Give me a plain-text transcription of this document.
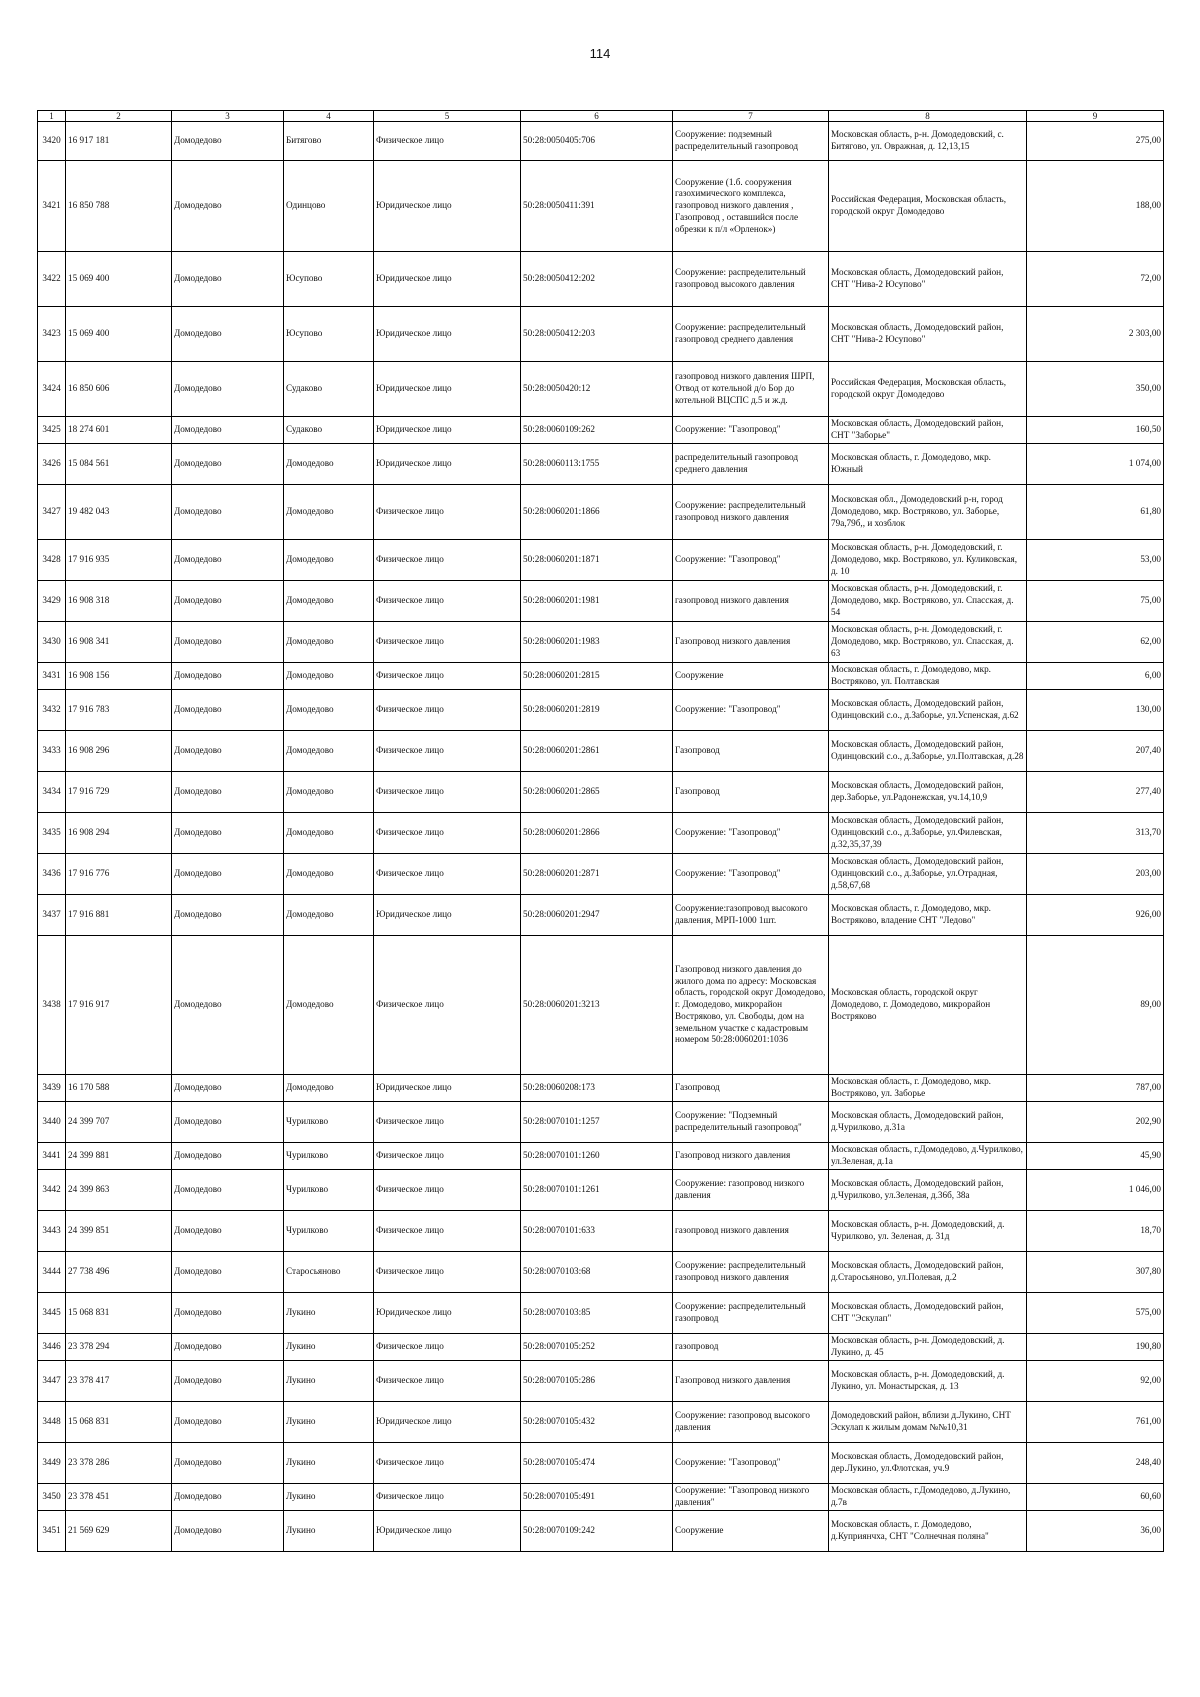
114
1	2	3	4	5	6	7	8	9
3420	16 917 181	Домодедово	Битягово	Физическое лицо	50:28:0050405:706	Сооружение: подземный распределительный газопровод	Московская область, р-н. Домодедовский, с. Битягово, ул. Овражная, д. 12,13,15	275,00
3421	16 850 788	Домодедово	Одинцово	Юридическое лицо	50:28:0050411:391	Сооружение (1.б. сооружения газохимического комплекса, газопровод низкого давления , Газопровод , оставшийся после обрезки к п/л «Орленок»)	Российская Федерация, Московская область, городской округ Домодедово	188,00
3422	15 069 400	Домодедово	Юсупово	Юридическое лицо	50:28:0050412:202	Сооружение: распределительный газопровод высокого давления	Московская область, Домодедовский район, СНТ "Нива-2 Юсупово"	72,00
3423	15 069 400	Домодедово	Юсупово	Юридическое лицо	50:28:0050412:203	Сооружение: распределительный газопровод среднего давления	Московская область, Домодедовский район, СНТ "Нива-2 Юсупово"	2 303,00
3424	16 850 606	Домодедово	Судаково	Юридическое лицо	50:28:0050420:12	газопровод низкого давления ШРП, Отвод от котельной д/о Бор до котельной ВЦСПС д.5 и ж.д.	Российская Федерация, Московская область, городской округ Домодедово	350,00
3425	18 274 601	Домодедово	Судаково	Юридическое лицо	50:28:0060109:262	Сооружение: "Газопровод"	Московская область, Домодедовский район, СНТ "Заборье"	160,50
3426	15 084 561	Домодедово	Домодедово	Юридическое лицо	50:28:0060113:1755	распределительный газопровод среднего давления	Московская область, г. Домодедово, мкр. Южный	1 074,00
3427	19 482 043	Домодедово	Домодедово	Физическое лицо	50:28:0060201:1866	Сооружение: распределительный газопровод низкого давления	Московская обл., Домодедовский р-н, город Домодедово, мкр. Востряково, ул. Заборье, 79а,79б,, и хозблок	61,80
3428	17 916 935	Домодедово	Домодедово	Физическое лицо	50:28:0060201:1871	Сооружение: "Газопровод"	Московская область, р-н. Домодедовский, г. Домодедово, мкр. Востряково, ул. Куликовская, д. 10	53,00
3429	16 908 318	Домодедово	Домодедово	Физическое лицо	50:28:0060201:1981	газопровод низкого давления	Московская область, р-н. Домодедовский, г. Домодедово, мкр. Востряково, ул. Спасская, д. 54	75,00
3430	16 908 341	Домодедово	Домодедово	Физическое лицо	50:28:0060201:1983	Газопровод низкого давления	Московская область, р-н. Домодедовский, г. Домодедово, мкр. Востряково, ул. Спасская, д. 63	62,00
3431	16 908 156	Домодедово	Домодедово	Физическое лицо	50:28:0060201:2815	Сооружение	Московская область, г. Домодедово, мкр. Востряково, ул. Полтавская	6,00
3432	17 916 783	Домодедово	Домодедово	Физическое лицо	50:28:0060201:2819	Сооружение: "Газопровод"	Московская область, Домодедовский район, Одинцовский с.о., д.Заборье, ул.Успенская, д.62	130,00
3433	16 908 296	Домодедово	Домодедово	Физическое лицо	50:28:0060201:2861	Газопровод	Московская область, Домодедовский район, Одинцовский с.о., д.Заборье, ул.Полтавская, д.28	207,40
3434	17 916 729	Домодедово	Домодедово	Физическое лицо	50:28:0060201:2865	Газопровод	Московская область, Домодедовский район, дер.Заборье, ул.Радонежская, уч.14,10,9	277,40
3435	16 908 294	Домодедово	Домодедово	Физическое лицо	50:28:0060201:2866	Сооружение: "Газопровод"	Московская область, Домодедовский район, Одинцовский с.о., д.Заборье, ул.Филевская, д.32,35,37,39	313,70
3436	17 916 776	Домодедово	Домодедово	Физическое лицо	50:28:0060201:2871	Сооружение: "Газопровод"	Московская область, Домодедовский район, Одинцовский с.о., д.Заборье, ул.Отрадная, д.58,67,68	203,00
3437	17 916 881	Домодедово	Домодедово	Юридическое лицо	50:28:0060201:2947	Сооружение:газопровод высокого давления, МРП-1000 1шт.	Московская область, г. Домодедово, мкр. Востряково, владение СНТ "Ледово"	926,00
3438	17 916 917	Домодедово	Домодедово	Физическое лицо	50:28:0060201:3213	Газопровод низкого давления до жилого дома по адресу: Московская область, городской округ Домодедово, г. Домодедово, микрорайон Востряково, ул. Свободы, дом на земельном участке с кадастровым номером 50:28:0060201:1036	Московская область, городской округ Домодедово, г. Домодедово, микрорайон Востряково	89,00
3439	16 170 588	Домодедово	Домодедово	Юридическое лицо	50:28:0060208:173	Газопровод	Московская область, г. Домодедово, мкр. Востряково, ул. Заборье	787,00
3440	24 399 707	Домодедово	Чурилково	Физическое лицо	50:28:0070101:1257	Сооружение: "Подземный распределительный газопровод"	Московская область, Домодедовский район, д.Чурилково, д.31а	202,90
3441	24 399 881	Домодедово	Чурилково	Физическое лицо	50:28:0070101:1260	Газопровод низкого давления	Московская область, г.Домодедово, д.Чурилково, ул.Зеленая, д.1а	45,90
3442	24 399 863	Домодедово	Чурилково	Физическое лицо	50:28:0070101:1261	Сооружение: газопровод низкого давления	Московская область, Домодедовский район, д.Чурилково, ул.Зеленая, д.36б, 38а	1 046,00
3443	24 399 851	Домодедово	Чурилково	Физическое лицо	50:28:0070101:633	газопровод низкого давления	Московская область, р-н. Домодедовский, д. Чурилково, ул. Зеленая, д. 31д	18,70
3444	27 738 496	Домодедово	Старосьяново	Физическое лицо	50:28:0070103:68	Сооружение: распределительный газопровод низкого давления	Московская область, Домодедовский район, д.Старосьяново, ул.Полевая, д.2	307,80
3445	15 068 831	Домодедово	Лукино	Юридическое лицо	50:28:0070103:85	Сооружение: распределительный газопровод	Московская область, Домодедовский район, СНТ "Эскулап"	575,00
3446	23 378 294	Домодедово	Лукино	Физическое лицо	50:28:0070105:252	газопровод	Московская область, р-н. Домодедовский, д. Лукино, д. 45	190,80
3447	23 378 417	Домодедово	Лукино	Физическое лицо	50:28:0070105:286	Газопровод низкого давления	Московская область, р-н. Домодедовский, д. Лукино, ул. Монастырская, д. 13	92,00
3448	15 068 831	Домодедово	Лукино	Юридическое лицо	50:28:0070105:432	Сооружение: газопровод высокого давления	Домодедовский район, вблизи д.Лукино, СНТ Эскулап к жилым домам №№10,31	761,00
3449	23 378 286	Домодедово	Лукино	Физическое лицо	50:28:0070105:474	Сооружение: "Газопровод"	Московская область, Домодедовский район, дер.Лукино, ул.Флотская, уч.9	248,40
3450	23 378 451	Домодедово	Лукино	Физическое лицо	50:28:0070105:491	Сооружение: "Газопровод низкого давления"	Московская область, г.Домодедово, д.Лукино, д.7в	60,60
3451	21 569 629	Домодедово	Лукино	Юридическое лицо	50:28:0070109:242	Сооружение	Московская область, г. Домодедово, д.Куприянчха, СНТ "Солнечная поляна"	36,00
